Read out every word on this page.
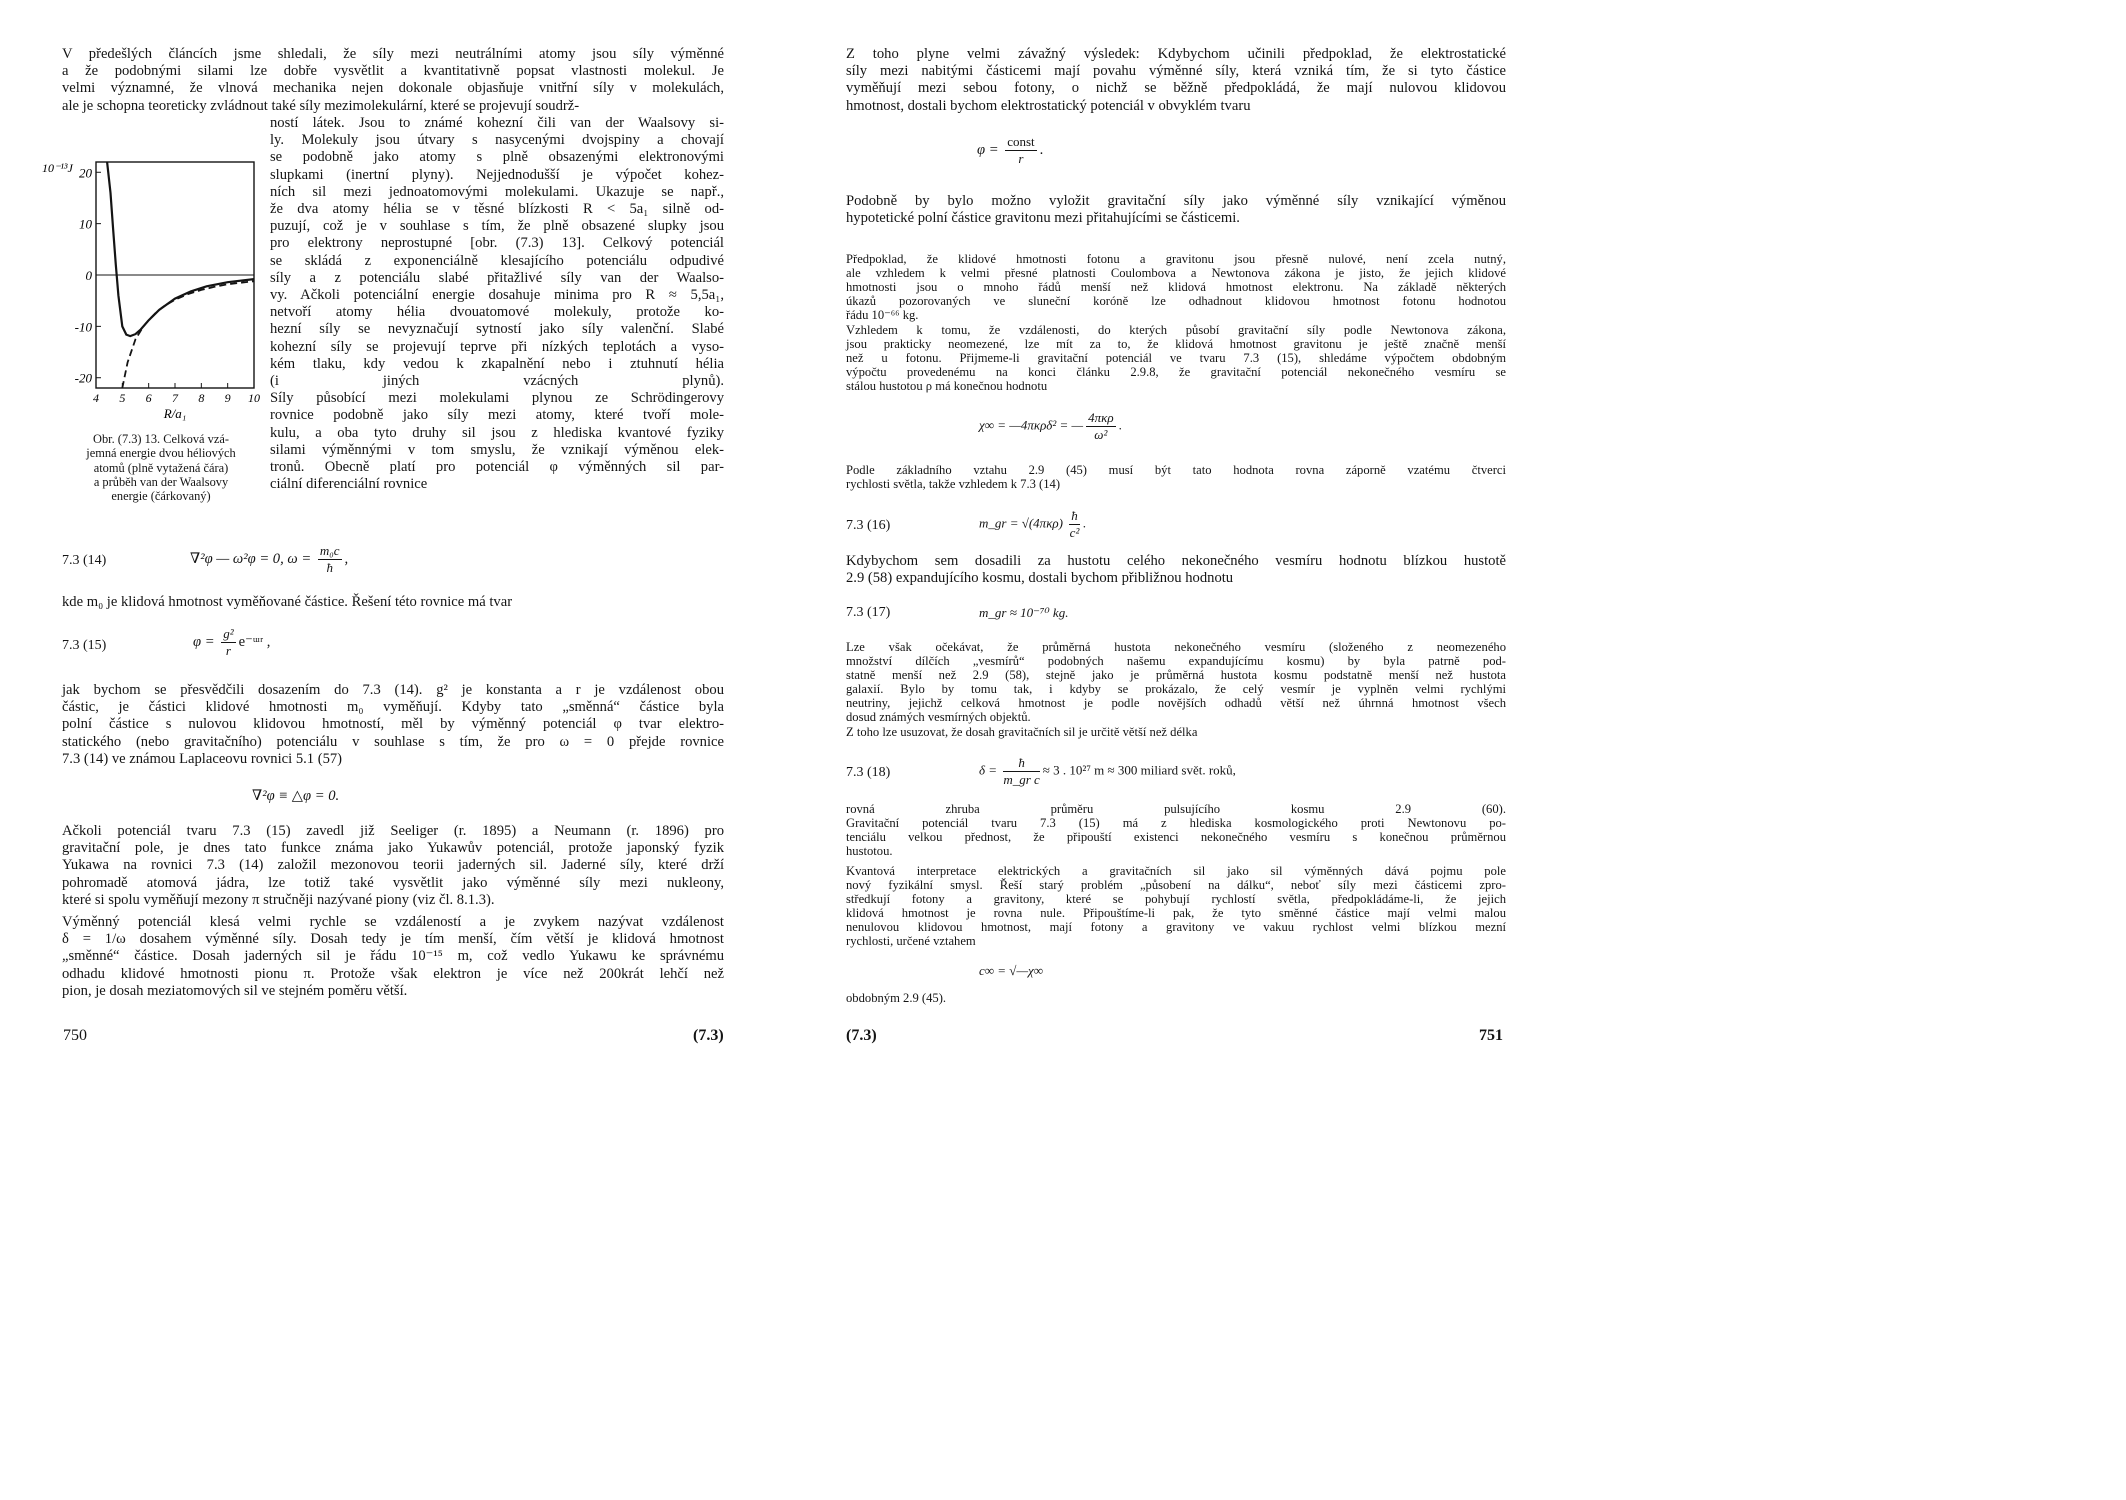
V předešlých článcích jsme shledali, že síly mezi neutrálními atomy jsou síly výměnné
a že podobnými silami lze dobře vysvětlit a kvantitativně popsat vlastnosti molekul. Je
velmi významné, že vlnová mechanika nejen dokonale objasňuje vnitřní síly v molekulách,
ale je schopna teoreticky zvládnout také síly mezimolekulární, které se projevují soudrž-
20
10
0
-10
-20
4 5 6 7 8 9 10
10⁻¹³J
R/a₁
ností látek. Jsou to známé kohezní čili van der Waalsovy si-
ly. Molekuly jsou útvary s nasycenými dvojspiny a chovají
se podobně jako atomy s plně obsazenými elektronovými
slupkami (inertní plyny). Nejjednodušší je výpočet kohez-
ních sil mezi jednoatomovými molekulami. Ukazuje se např.,
že dva atomy hélia se v těsné blízkosti R < 5a₁ silně od-
puzují, což je v souhlase s tím, že plně obsazené slupky jsou
pro elektrony neprostupné [obr. (7.3) 13]. Celkový potenciál
se skládá z exponenciálně klesajícího potenciálu odpudivé
síly a z potenciálu slabé přitažlivé síly van der Waalso-
vy. Ačkoli potenciální energie dosahuje minima pro R ≈ 5,5a₁,
netvoří atomy hélia dvouatomové molekuly, protože ko-
hezní síly se nevyznačují sytností jako síly valenční. Slabé
kohezní síly se projevují teprve při nízkých teplotách a vyso-
kém tlaku, kdy vedou k zkapalnění nebo i ztuhnutí hélia
(i jiných vzácných plynů).
Síly působící mezi molekulami plynou ze Schrödingerovy
rovnice podobně jako síly mezi atomy, které tvoří mole-
kulu, a oba tyto druhy sil jsou z hlediska kvantové fyziky
silami výměnnými v tom smyslu, že vznikají výměnou elek-
tronů. Obecně platí pro potenciál φ výměnných sil par-
ciální diferenciální rovnice
Obr. (7.3) 13. Celková vzá-
jemná energie dvou héliových
atomů (plně vytažená čára)
a průběh van der Waalsovy
energie (čárkovaný)
7.3 (14)	∇²φ — ω²φ = 0, $\omega = \frac{\text{m₀c}}{ħ}$ ,
kde m₀ je klidová hmotnost vyměňované částice. Řešení této rovnice má tvar
7.3 (15)	$\varphi = \frac{\text{g²}}{r}$ e⁻ᵚʳ ,
jak bychom se přesvědčili dosazením do 7.3 (14). g² je konstanta a r je vzdálenost obou
částic, je částici klidové hmotnosti m₀ vyměňují. Kdyby tato „směnná“ částice byla
polní částice s nulovou klidovou hmotností, měl by výměnný potenciál φ tvar elektro-
statického (nebo gravitačního) potenciálu v souhlase s tím, že pro ω = 0 přejde rovnice
7.3 (14) ve známou Laplaceovu rovnici 5.1 (57)
∇²φ ≡ △φ = 0.
Ačkoli potenciál tvaru 7.3 (15) zavedl již Seeliger (r. 1895) a Neumann (r. 1896) pro
gravitační pole, je dnes tato funkce známa jako Yukawův potenciál, protože japonský fyzik
Yukawa na rovnici 7.3 (14) založil mezonovou teorii jaderných sil. Jaderné síly, které drží
pohromadě atomová jádra, lze totiž také vysvětlit jako výměnné síly mezi nukleony,
které si spolu vyměňují mezony π stručněji nazývané piony (viz čl. 8.1.3).
Výměnný potenciál klesá velmi rychle se vzdáleností a je zvykem nazývat vzdálenost
δ = 1/ω dosahem výměnné síly. Dosah tedy je tím menší, čím větší je klidová hmotnost
„směnné“ částice. Dosah jaderných sil je řádu 10⁻¹⁵ m, což vedlo Yukawu ke správnému
odhadu klidové hmotnosti pionu π. Protože však elektron je více než 200krát lehčí než
pion, je dosah meziatomových sil ve stejném poměru větší.
750	(7.3)
Z toho plyne velmi závažný výsledek: Kdybychom učinili předpoklad, že elektrostatické
síly mezi nabitými částicemi mají povahu výměnné síly, která vzniká tím, že si tyto částice
vyměňují mezi sebou fotony, o nichž se běžně předpokládá, že mají nulovou klidovou
hmotnost, dostali bychom elektrostatický potenciál v obvyklém tvaru
$\varphi = \frac{\text{const}}{r}$ .
Podobně by bylo možno vyložit gravitační síly jako výměnné síly vznikající výměnou
hypotetické polní částice gravitonu mezi přitahujícími se částicemi.
Předpoklad, že klidové hmotnosti fotonu a gravitonu jsou přesně nulové, není zcela nutný,
ale vzhledem k velmi přesné platnosti Coulombova a Newtonova zákona je jisto, že jejich klidové
hmotnosti jsou o mnoho řádů menší než klidová hmotnost elektronu. Na základě některých
úkazů pozorovaných ve sluneční koróně lze odhadnout klidovou hmotnost fotonu hodnotou
řádu 10⁻⁶⁶ kg.
Vzhledem k tomu, že vzdálenosti, do kterých působí gravitační síly podle Newtonova zákona,
jsou prakticky neomezené, lze mít za to, že klidová hmotnost gravitonu je ještě značně menší
než u fotonu. Přijmeme-li gravitační potenciál ve tvaru 7.3 (15), shledáme výpočtem obdobným
výpočtu provedenému na konci článku 2.9.8, že gravitační potenciál nekonečného vesmíru se
stálou hustotou ρ má konečnou hodnotu
χ∞ = —4πκρδ² = — $\frac{\text{4πκρ}}{\text{ω²}}$ .
Podle základního vztahu 2.9 (45) musí být tato hodnota rovna záporně vzatému čtverci
rychlosti světla, takže vzhledem k 7.3 (14)
7.3 (16)	m_gr = $√(4\pi\kappa\rho) \frac{ħ}{\text{c²}}$ .
Kdybychom sem dosadili za hustotu celého nekonečného vesmíru hodnotu blízkou hustotě
2.9 (58) expandujícího kosmu, dostali bychom přibližnou hodnotu
7.3 (17)	m_gr ≈ 10⁻⁷⁰ kg.
Lze však očekávat, že průměrná hustota nekonečného vesmíru (složeného z neomezeného
množství dílčích „vesmírů“ podobných našemu expandujícímu kosmu) by byla patrně pod-
statně menší než 2.9 (58), stejně jako je průměrná hustota kosmu podstatně menší než hustota
galaxií. Bylo by tomu tak, i kdyby se prokázalo, že celý vesmír je vyplněn velmi rychlými
neutriny, jejichž celková hmotnost je podle novějších odhadů větší než úhrnná hmotnost všech
dosud známých vesmírných objektů.
Z toho lze usuzovat, že dosah gravitačních sil je určitě větší než délka
7.3 (18)	$\delta = \frac{ħ}{\text{m\_gr c}} \approx 3$ . 10²⁷ m ≈ 300 miliard svět. roků,
rovná zhruba průměru pulsujícího kosmu 2.9 (60).
Gravitační potenciál tvaru 7.3 (15) má z hlediska kosmologického proti Newtonovu po-
tenciálu velkou přednost, že připouští existenci nekonečného vesmíru s konečnou průměrnou
hustotou.
Kvantová interpretace elektrických a gravitačních sil jako sil výměnných dává pojmu pole
nový fyzikální smysl. Řeší starý problém „působení na dálku“, neboť síly mezi částicemi zpro-
středkují fotony a gravitony, které se pohybují rychlostí světla, předpokládáme-li, že jejich
klidová hmotnost je rovna nule. Připouštíme-li pak, že tyto směnné částice mají velmi malou
nenulovou klidovou hmotnost, mají fotony a gravitony ve vakuu rychlost velmi blízkou mezní
rychlosti, určené vztahem
c∞ = √—χ∞
obdobným 2.9 (45).
(7.3)	751
